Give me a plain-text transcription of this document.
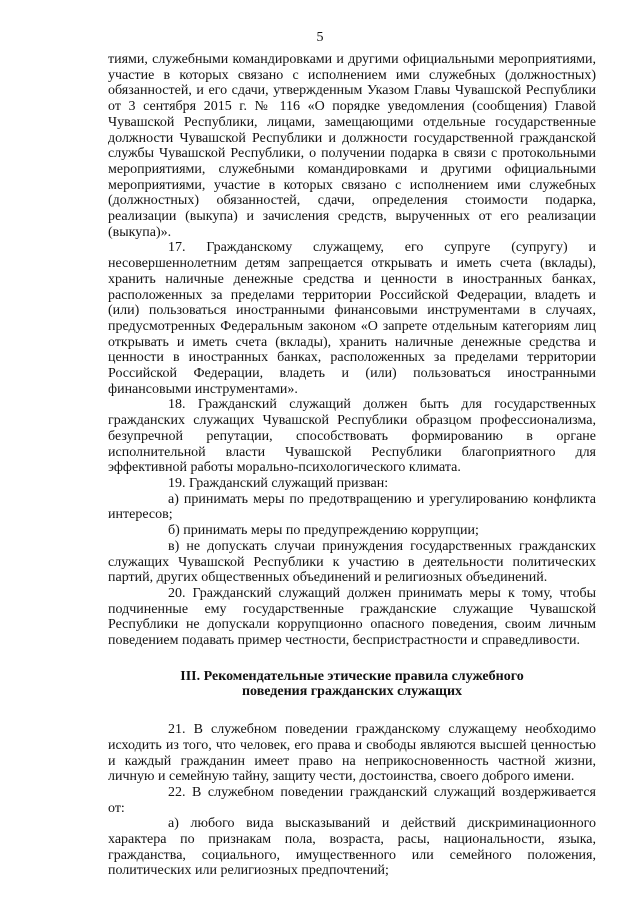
5

тиями, служебными командировками и другими официальными мероприятиями, участие в которых связано с исполнением ими служебных (должностных) обязанностей, и его сдачи, утвержденным Указом Главы Чувашской Республики от 3 сентября 2015 г. № 116 «О порядке уведомления (сообщения) Главой Чувашской Республики, лицами, замещающими отдельные государственные должности Чувашской Республики и должности государственной гражданской службы Чувашской Республики, о получении подарка в связи с протокольными мероприятиями, служебными командировками и другими официальными мероприятиями, участие в которых связано с исполнением ими служебных (должностных) обязанностей, сдачи, определения стоимости подарка, реализации (выкупа) и зачисления средств, вырученных от его реализации (выкупа)».

17. Гражданскому служащему, его супруге (супругу) и несовершеннолетним детям запрещается открывать и иметь счета (вклады), хранить наличные денежные средства и ценности в иностранных банках, расположенных за пределами территории Российской Федерации, владеть и (или) пользоваться иностранными финансовыми инструментами в случаях, предусмотренных Федеральным законом «О запрете отдельным категориям лиц открывать и иметь счета (вклады), хранить наличные денежные средства и ценности в иностранных банках, расположенных за пределами территории Российской Федерации, владеть и (или) пользоваться иностранными финансовыми инструментами».

18. Гражданский служащий должен быть для государственных гражданских служащих Чувашской Республики образцом профессионализма, безупречной репутации, способствовать формированию в органе исполнительной власти Чувашской Республики благоприятного для эффективной работы морально-психологического климата.

19. Гражданский служащий призван:

а) принимать меры по предотвращению и урегулированию конфликта интересов;

б) принимать меры по предупреждению коррупции;

в) не допускать случаи принуждения государственных гражданских служащих Чувашской Республики к участию в деятельности политических партий, других общественных объединений и религиозных объединений.

20. Гражданский служащий должен принимать меры к тому, чтобы подчиненные ему государственные гражданские служащие Чувашской Республики не допускали коррупционно опасного поведения, своим личным поведением подавать пример честности, беспристрастности и справедливости.

III. Рекомендательные этические правила служебного
поведения гражданских служащих

21. В служебном поведении гражданскому служащему необходимо исходить из того, что человек, его права и свободы являются высшей ценностью и каждый гражданин имеет право на неприкосновенность частной жизни, личную и семейную тайну, защиту чести, достоинства, своего доброго имени.

22. В служебном поведении гражданский служащий воздерживается от:

а) любого вида высказываний и действий дискриминационного характера по признакам пола, возраста, расы, национальности, языка, гражданства, социального, имущественного или семейного положения, политических или религиозных предпочтений;
